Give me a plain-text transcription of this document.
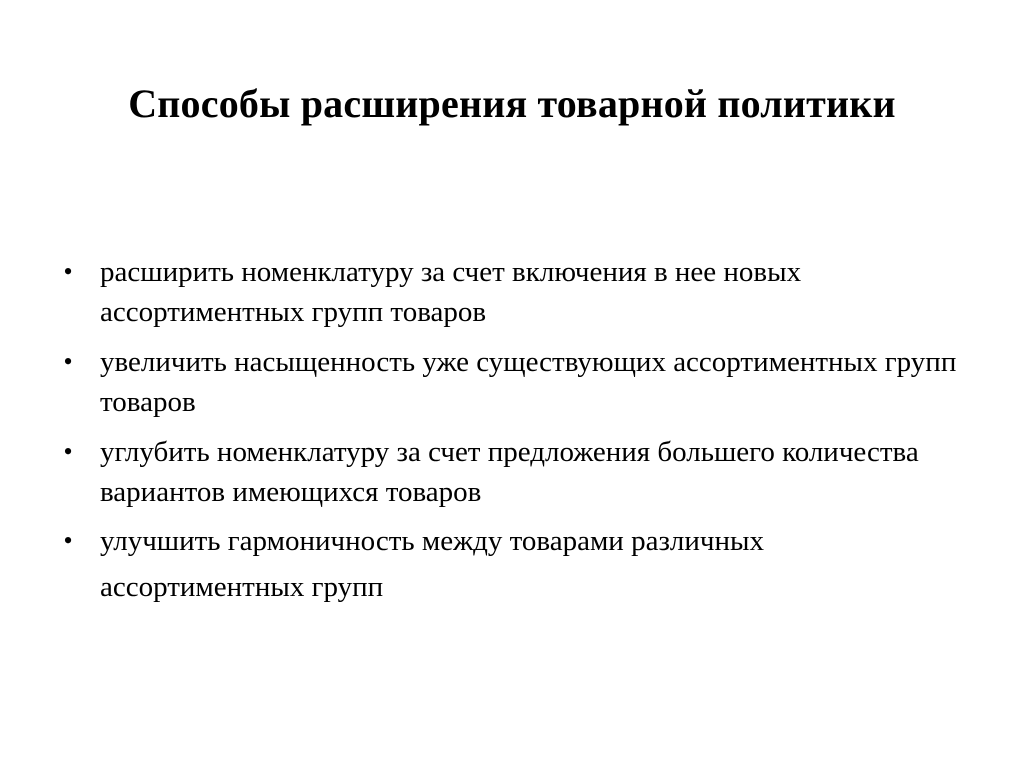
Способы расширения товарной политики
• расширить номенклатуру за счет включения в нее новых ассортиментных групп товаров
• увеличить насыщенность уже существующих ассортиментных групп товаров
• углубить номенклатуру за счет предложения большего количества вариантов имеющихся товаров
• улучшить гармоничность между товарами различных ассортиментных групп
